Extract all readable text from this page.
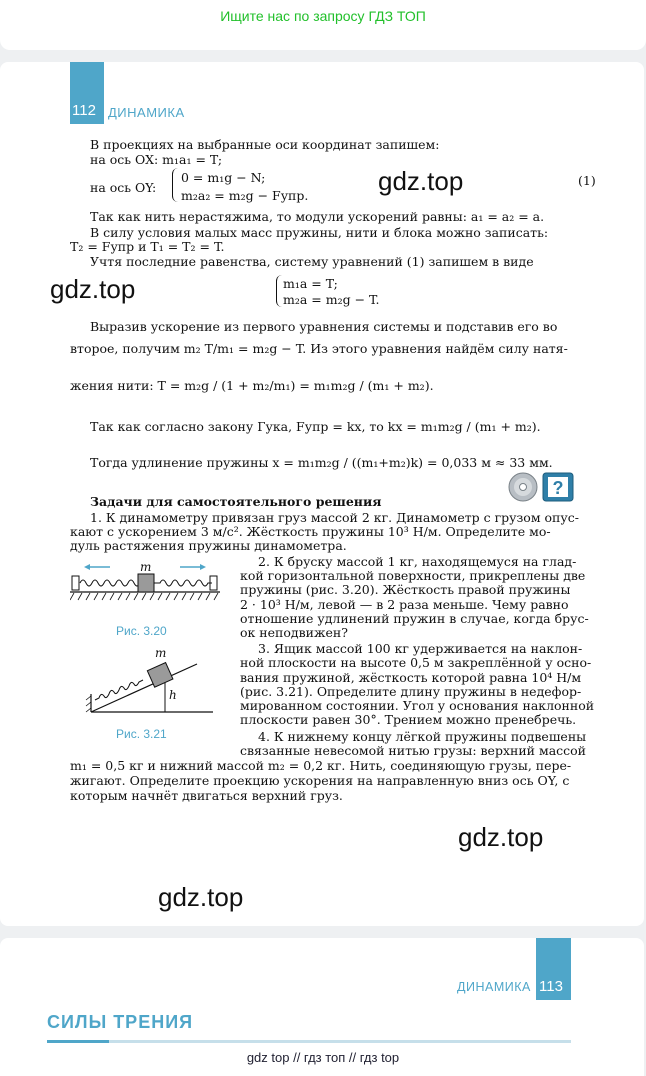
Ищите нас по запросу ГДЗ ТОП
112 ДИНАМИКА
В проекциях на выбранные оси координат запишем:
на ось OX: m₁a₁ = T;
на ось OY:
0 = m₁g − N;
m₂a₂ = m₂g − Fупр.
(1)
Так как нить нерастяжима, то модули ускорений равны: a₁ = a₂ = a.
В силу условия малых масс пружины, нити и блока можно записать:
T₂ = Fупр и T₁ = T₂ = T.
Учтя последние равенства, систему уравнений (1) запишем в виде
m₁a = T;
m₂a = m₂g − T.
Выразив ускорение из первого уравнения системы и подставив его во
второе, получим m₂ T/m₁ = m₂g − T. Из этого уравнения найдём силу натя-
жения нити: T = m₂g / (1 + m₂/m₁) = m₁m₂g / (m₁ + m₂).
Так как согласно закону Гука, Fупр = kx, то kx = m₁m₂g / (m₁ + m₂).
Тогда удлинение пружины x = m₁m₂g / ((m₁+m₂)k) = 0,033 м ≈ 33 мм.
?
Задачи для самостоятельного решения
1. К динамометру привязан груз массой 2 кг. Динамометр с грузом опус-
кают с ускорением 3 м/с². Жёсткость пружины 10³ Н/м. Определите мо-
дуль растяжения пружины динамометра.
2. К бруску массой 1 кг, находящемуся на глад-
кой горизонтальной поверхности, прикреплены две
пружины (рис. 3.20). Жёсткость правой пружины
2 · 10³ Н/м, левой — в 2 раза меньше. Чему равно
отношение удлинений пружин в случае, когда брус-
ок неподвижен?
3. Ящик массой 100 кг удерживается на наклон-
ной плоскости на высоте 0,5 м закреплённой у осно-
вания пружиной, жёсткость которой равна 10⁴ Н/м
(рис. 3.21). Определите длину пружины в недефор-
мированном состоянии. Угол у основания наклонной
плоскости равен 30°. Трением можно пренебречь.
4. К нижнему концу лёгкой пружины подвешены
связанные невесомой нитью грузы: верхний массой
m₁ = 0,5 кг и нижний массой m₂ = 0,2 кг. Нить, соединяющую грузы, пере-
жигают. Определите проекцию ускорения на направленную вниз ось OY, с
которым начнёт двигаться верхний груз.
m
Рис. 3.20
m
h
Рис. 3.21
gdz.top
gdz.top
gdz.top
gdz.top
ДИНАМИКА 113
СИЛЫ ТРЕНИЯ
gdz top // гдз топ // гдз top
